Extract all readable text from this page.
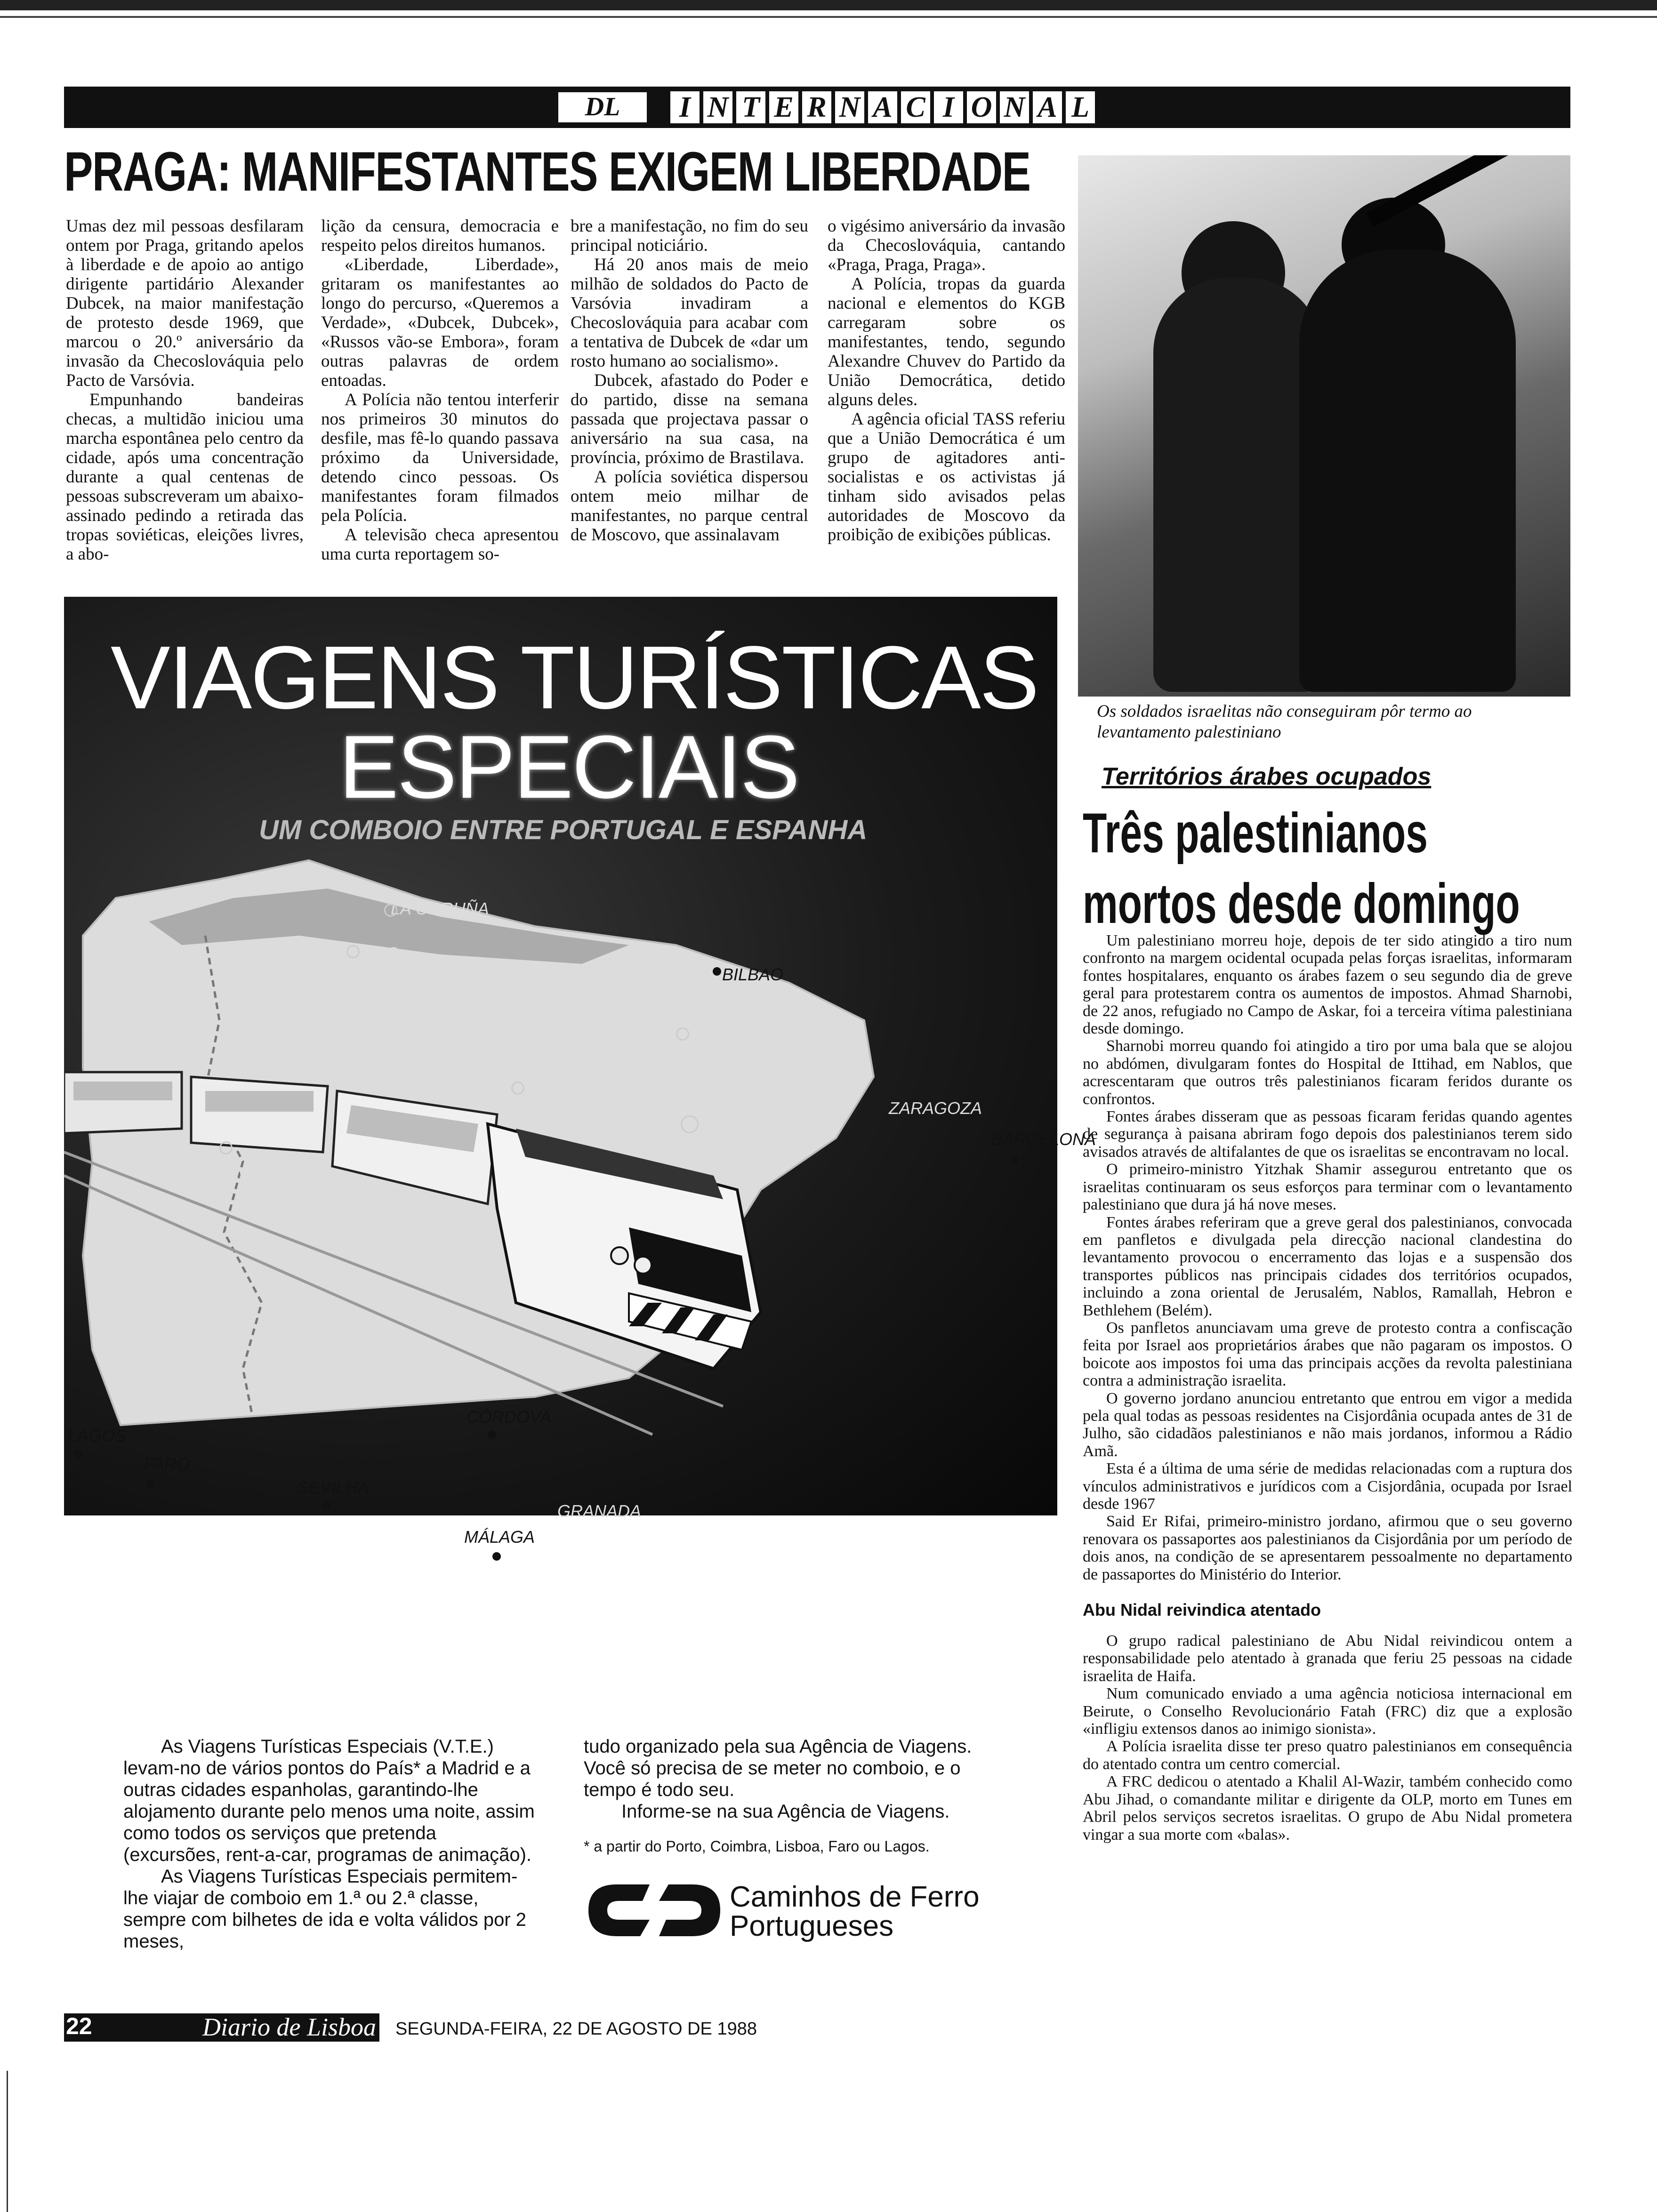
DL	I N T E R N A C I O N A L
PRAGA: MANIFESTANTES EXIGEM LIBERDADE

Umas dez mil pessoas desfilaram ontem por Praga, gritando apelos à liberdade e de apoio ao antigo dirigente partidário Alexander Dubcek, na maior manifestação de protesto desde 1969, que marcou o 20.º aniversário da invasão da Checoslováquia pelo Pacto de Varsóvia.

Empunhando bandeiras checas, a multidão iniciou uma marcha espontânea pelo centro da cidade, após uma concentração durante a qual centenas de pessoas subscreveram um abaixo-assinado pedindo a retirada das tropas soviéticas, eleições livres, a abo-

lição da censura, democracia e respeito pelos direitos humanos.

«Liberdade, Liberdade», gritaram os manifestantes ao longo do percurso, «Queremos a Verdade», «Dubcek, Dubcek», «Russos vão-se Embora», foram outras palavras de ordem entoadas.

A Polícia não tentou interferir nos primeiros 30 minutos do desfile, mas fê-lo quando passava próximo da Universidade, detendo cinco pessoas. Os manifestantes foram filmados pela Polícia.

A televisão checa apresentou uma curta reportagem so-

bre a manifestação, no fim do seu principal noticiário.

Há 20 anos mais de meio milhão de soldados do Pacto de Varsóvia invadiram a Checoslováquia para acabar com a tentativa de Dubcek de «dar um rosto humano ao socialismo».

Dubcek, afastado do Poder e do partido, disse na semana passada que projectava passar o aniversário na sua casa, na província, próximo de Brastilava.

A polícia soviética dispersou ontem meio milhar de manifestantes, no parque central de Moscovo, que assinalavam

o vigésimo aniversário da invasão da Checoslováquia, cantando «Praga, Praga, Praga».

A Polícia, tropas da guarda nacional e elementos do KGB carregaram sobre os manifestantes, tendo, segundo Alexandre Chuvev do Partido da União Democrática, detido alguns deles.

A agência oficial TASS referiu que a União Democrática é um grupo de agitadores anti-socialistas e os activistas já tinham sido avisados pelas autoridades de Moscovo da proibição de exibições públicas.

Os soldados israelitas não conseguiram pôr termo ao levantamento palestiniano
Territórios árabes ocupados
Três palestinianos
mortos desde domingo

Um palestiniano morreu hoje, depois de ter sido atingido a tiro num confronto na margem ocidental ocupada pelas forças israelitas, informaram fontes hospitalares, enquanto os árabes fazem o seu segundo dia de greve geral para protestarem contra os aumentos de impostos. Ahmad Sharnobi, de 22 anos, refugiado no Campo de Askar, foi a terceira vítima palestiniana desde domingo.

Sharnobi morreu quando foi atingido a tiro por uma bala que se alojou no abdómen, divulgaram fontes do Hospital de Ittihad, em Nablos, que acrescentaram que outros três palestinianos ficaram feridos durante os confrontos.

Fontes árabes disseram que as pessoas ficaram feridas quando agentes de segurança à paisana abriram fogo depois dos palestinianos terem sido avisados através de altifalantes de que os israelitas se encontravam no local.

O primeiro-ministro Yitzhak Shamir assegurou entretanto que os israelitas continuaram os seus esforços para terminar com o levantamento palestiniano que dura já há nove meses.

Fontes árabes referiram que a greve geral dos palestinianos, convocada em panfletos e divulgada pela direcção nacional clandestina do levantamento provocou o encerramento das lojas e a suspensão dos transportes públicos nas principais cidades dos territórios ocupados, incluindo a zona oriental de Jerusalém, Nablos, Ramallah, Hebron e Bethlehem (Belém).

Os panfletos anunciavam uma greve de protesto contra a confiscação feita por Israel aos proprietários árabes que não pagaram os impostos. O boicote aos impostos foi uma das principais acções da revolta palestiniana contra a administração israelita.

O governo jordano anunciou entretanto que entrou em vigor a medida pela qual todas as pessoas residentes na Cisjordânia ocupada antes de 31 de Julho, são cidadãos palestinianos e não mais jordanos, informou a Rádio Amã.

Esta é a última de uma série de medidas relacionadas com a ruptura dos vínculos administrativos e jurídicos com a Cisjordânia, ocupada por Israel desde 1967

Said Er Rifai, primeiro-ministro jordano, afirmou que o seu governo renovara os passaportes aos palestinianos da Cisjordânia por um período de dois anos, na condição de se apresentarem pessoalmente no departamento de passaportes do Ministério do Interior.

Abu Nidal reivindica atentado

O grupo radical palestiniano de Abu Nidal reivindicou ontem a responsabilidade pelo atentado à granada que feriu 25 pessoas na cidade israelita de Haifa.

Num comunicado enviado a uma agência noticiosa internacional em Beirute, o Conselho Revolucionário Fatah (FRC) diz que a explosão «infligiu extensos danos ao inimigo sionista».

A Polícia israelita disse ter preso quatro palestinianos em consequência do atentado contra um centro comercial.

A FRC dedicou o atentado a Khalil Al-Wazir, também conhecido como Abu Jihad, o comandante militar e dirigente da OLP, morto em Tunes em Abril pelos serviços secretos israelitas. O grupo de Abu Nidal prometera vingar a sua morte com «balas».

VIAGENS TURÍSTICAS
ESPECIAIS
UM COMBOIO ENTRE PORTUGAL E ESPANHA
LA CORUÑA
VIGO
BILBAO
PORTO	BURGOS
SALAMANCA
MADRID	ZARAGOZA
BARCELONA
COIMBRA
LISBOA
CÓRDOVA
LAGOS
FARO
SEVILHA
GRANADA
MÁLAGA

As Viagens Turísticas Especiais (V.T.E.) levam-no de vários pontos do País* a Madrid e a outras cidades espanholas, garantindo-lhe alojamento durante pelo menos uma noite, assim como todos os serviços que pretenda (excursões, rent-a-car, programas de animação).

As Viagens Turísticas Especiais permitem-lhe viajar de comboio em 1.ª ou 2.ª classe, sempre com bilhetes de ida e volta válidos por 2 meses,

tudo organizado pela sua Agência de Viagens. Você só precisa de se meter no comboio, e o tempo é todo seu.

Informe-se na sua Agência de Viagens.

* a partir do Porto, Coimbra, Lisboa, Faro ou Lagos.

Caminhos de Ferro
Portugueses
22	Diario de Lisboa SEGUNDA-FEIRA, 22 DE AGOSTO DE 1988
